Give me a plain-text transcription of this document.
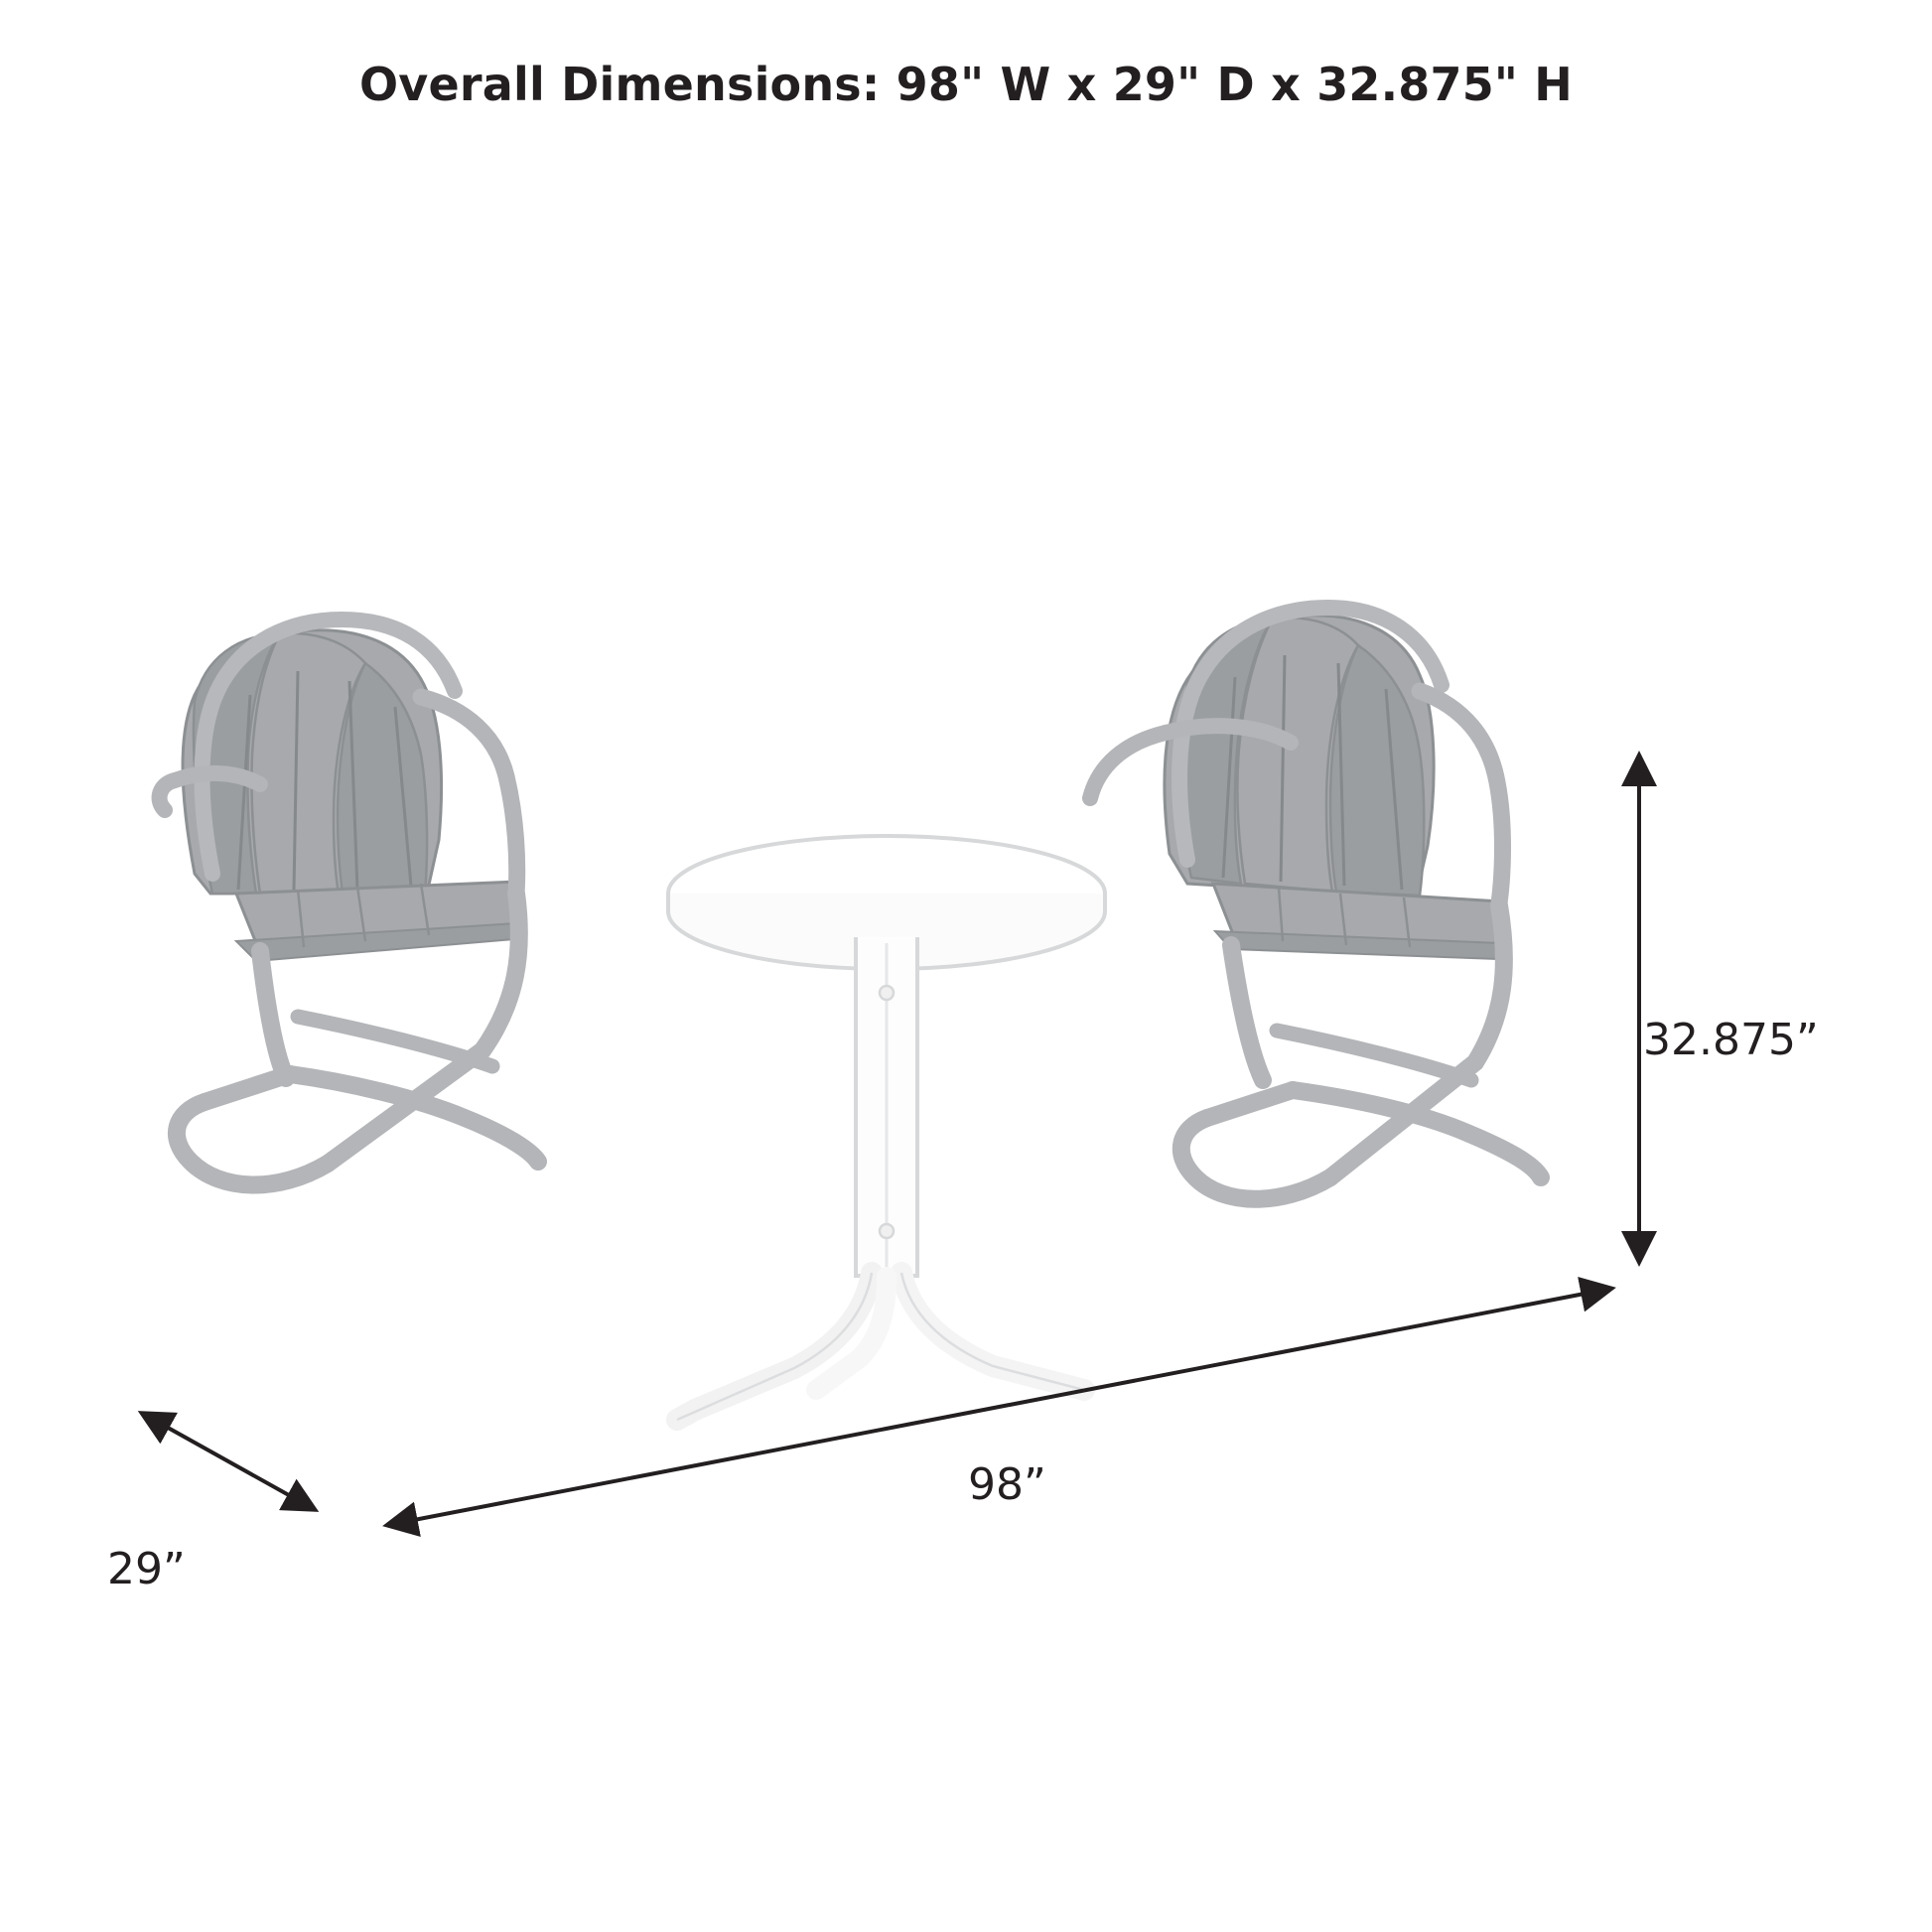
Overall Dimensions: 98" W x 29" D x 32.875" H
32.875”
98”
29”
